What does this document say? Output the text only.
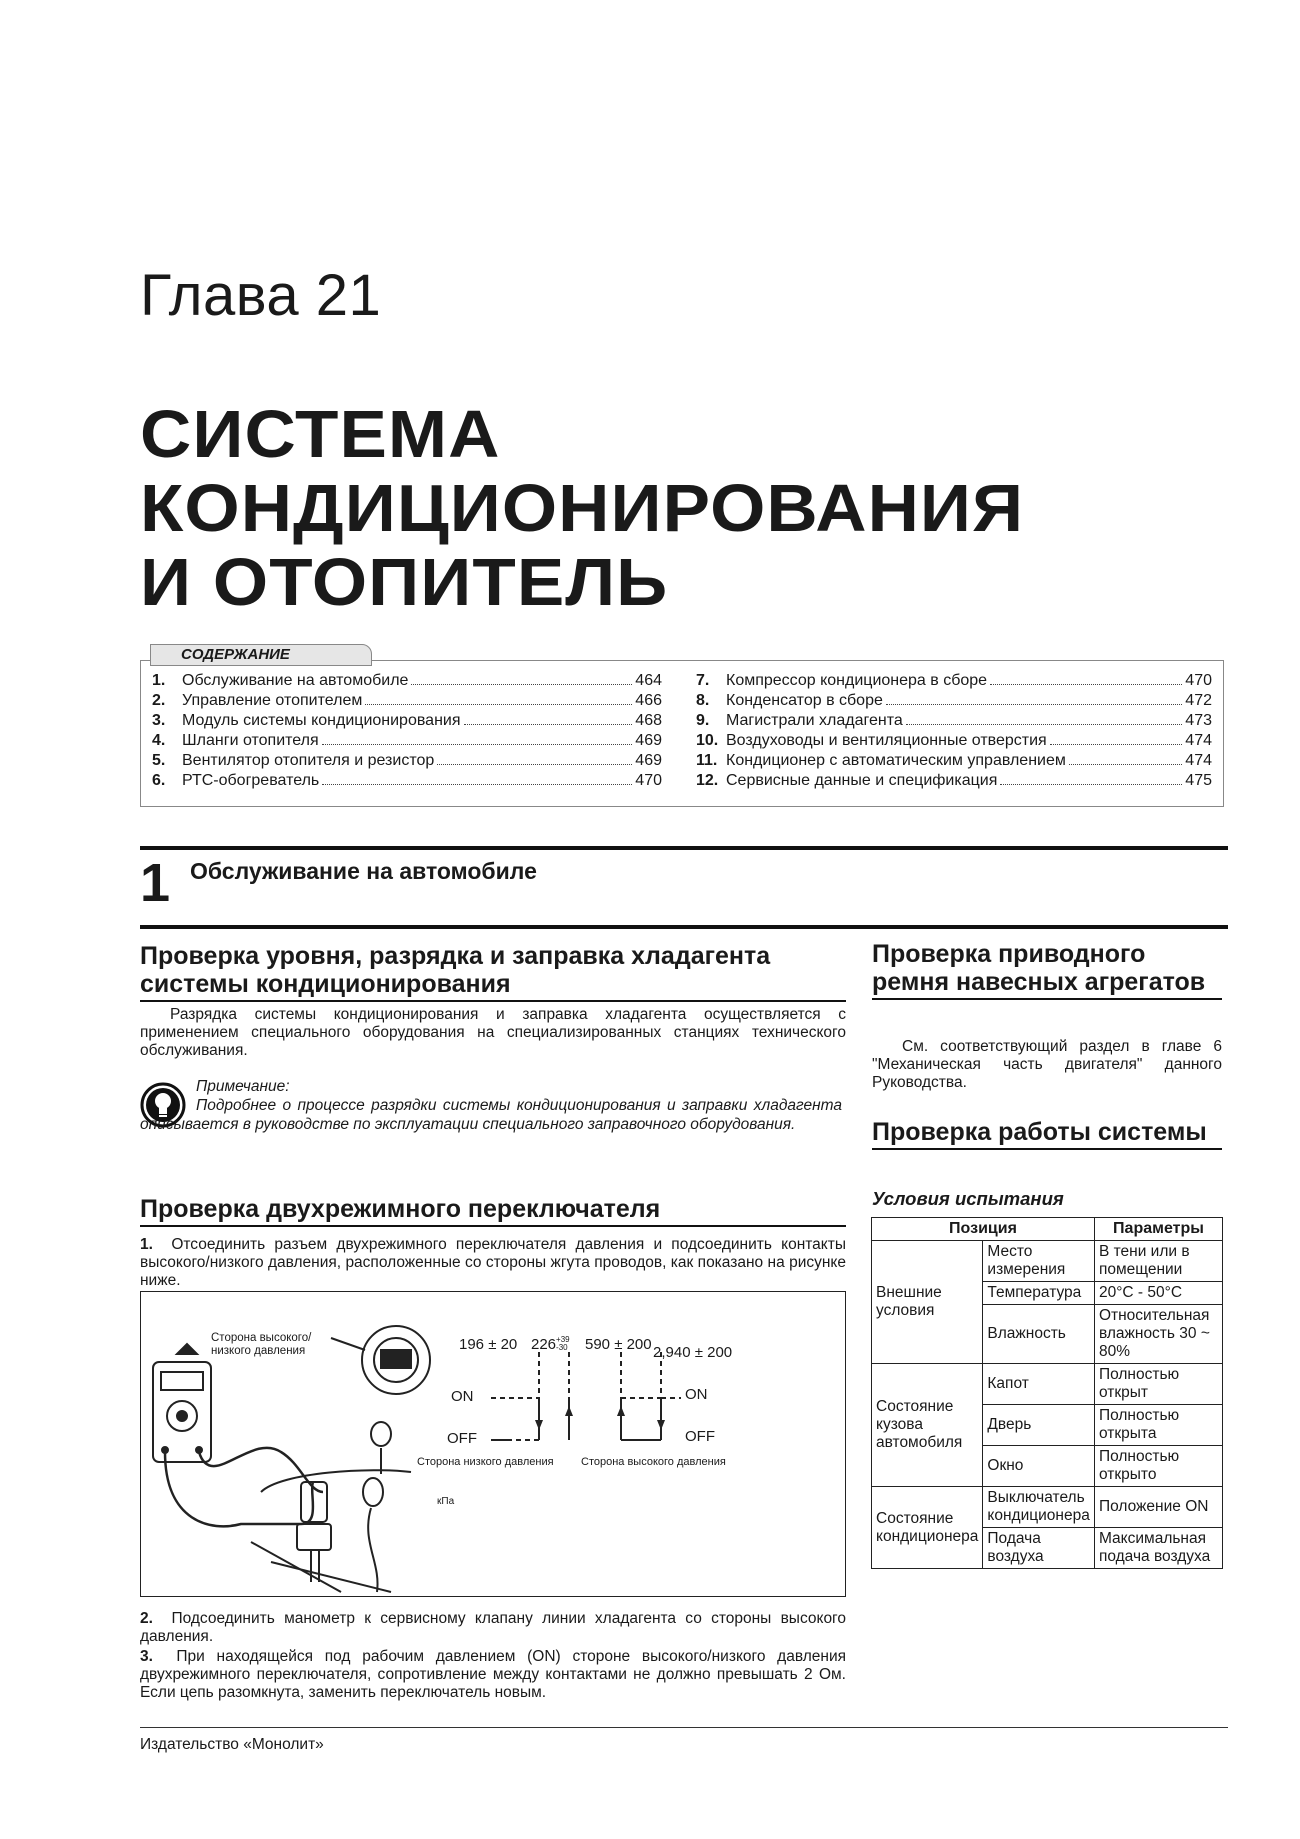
Глава 21
СИСТЕМА
КОНДИЦИОНИРОВАНИЯ
И ОТОПИТЕЛЬ
СОДЕРЖАНИЕ
1.	Обслуживание на автомобиле	464
2.	Управление отопителем	466
3.	Модуль системы кондиционирования	468
4.	Шланги отопителя	469
5.	Вентилятор отопителя и резистор	469
6.	РТС-обогреватель	470
7.	Компрессор кондиционера в сборе	470
8.	Конденсатор в сборе	472
9.	Магистрали хладагента	473
10. Воздуховоды и вентиляционные отверстия	474
11. Кондиционер с автоматическим управлением	474
12. Сервисные данные и спецификация	475
1 Обслуживание на автомобиле
Проверка уровня, разрядка и заправка хладагента системы кондиционирования
Разрядка системы кондиционирования и заправка хладагента осуществляется с применением специального оборудования на специализированных станциях технического обслуживания.
Примечание:
Подробнее о процессе разрядки системы кондиционирования и заправки хладагента описывается в руководстве по эксплуатации специального заправочного оборудования.
Проверка двухрежимного переключателя
1. Отсоединить разъем двухрежимного переключателя давления и подсоединить контакты высокого/низкого давления, расположенные со стороны жгута проводов, как показано на рисунке ниже.
Сторона высокого/
низкого давления	196 ± 20 226 +39
-30 590 ± 200 2,940 ± 200
ON	ON
OFF	OFF
Сторона низкого давления Сторона высокого давления
кПа
2. Подсоединить манометр к сервисному клапану линии хладагента со стороны высокого давления.
3. При находящейся под рабочим давлением (ON) стороне высокого/низкого давления двухрежимного переключателя, сопротивление между контактами не должно превышать 2 Ом. Если цепь разомкнута, заменить переключатель новым.
Проверка приводного ремня навесных агрегатов
См. соответствующий раздел в главе 6 "Механическая часть двигателя" данного Руководства.
Проверка работы системы
Условия испытания
Позиция		Параметры
Внешние условия	Место измерения	В тени или в помещении
	Температура	20°C - 50°C
	Влажность	Относительная влажность 30 ~ 80%
Состояние кузова автомобиля	Капот	Полностью открыт
	Дверь	Полностью открыта
	Окно	Полностью открыто
Состояние кондиционера	Выключатель кондиционера	Положение ON
	Подача воздуха	Максимальная подача воздуха
Издательство «Монолит»
